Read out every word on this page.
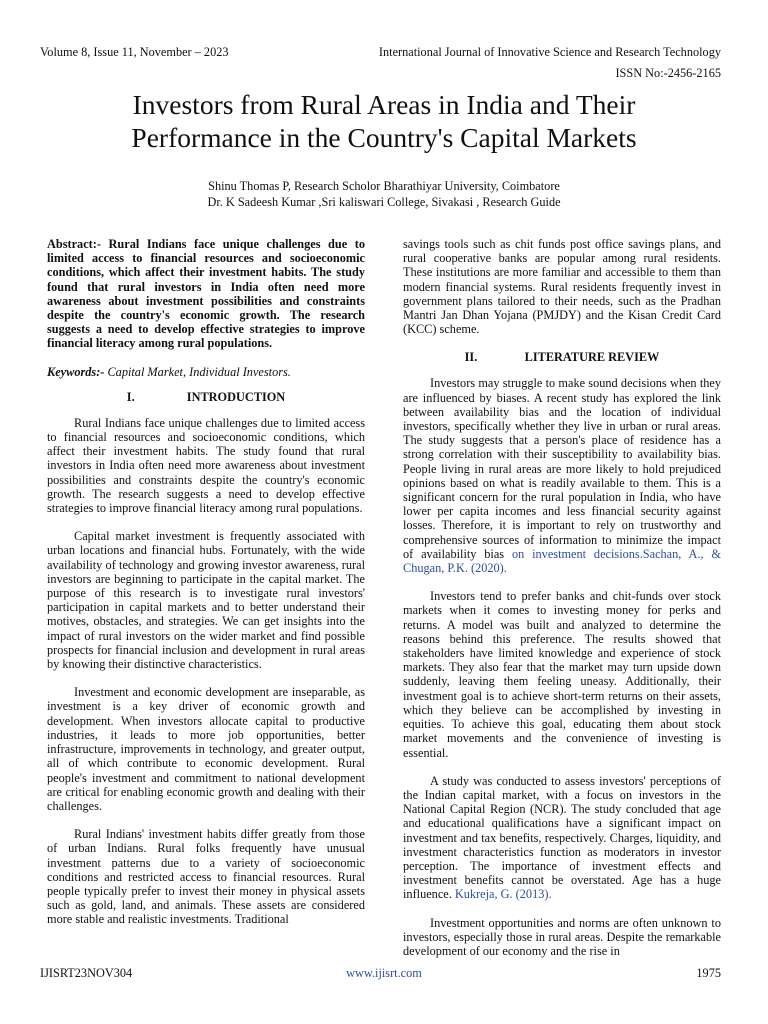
Volume 8, Issue 11, November – 2023	International Journal of Innovative Science and Research Technology
ISSN No:-2456-2165
Investors from Rural Areas in India and Their
Performance in the Country's Capital Markets
Shinu Thomas P, Research Scholor Bharathiyar University, Coimbatore
Dr. K Sadeesh Kumar ,Sri kaliswari College, Sivakasi , Research Guide

Abstract:- Rural Indians face unique challenges due to limited access to financial resources and socioeconomic conditions, which affect their investment habits. The study found that rural investors in India often need more awareness about investment possibilities and constraints despite the country's economic growth. The research suggests a need to develop effective strategies to improve financial literacy among rural populations.

Keywords:- Capital Market, Individual Investors.

I.	INTRODUCTION

Rural Indians face unique challenges due to limited access to financial resources and socioeconomic conditions, which affect their investment habits. The study found that rural investors in India often need more awareness about investment possibilities and constraints despite the country's economic growth. The research suggests a need to develop effective strategies to improve financial literacy among rural populations.

Capital market investment is frequently associated with urban locations and financial hubs. Fortunately, with the wide availability of technology and growing investor awareness, rural investors are beginning to participate in the capital market. The purpose of this research is to investigate rural investors' participation in capital markets and to better understand their motives, obstacles, and strategies. We can get insights into the impact of rural investors on the wider market and find possible prospects for financial inclusion and development in rural areas by knowing their distinctive characteristics.

Investment and economic development are inseparable, as investment is a key driver of economic growth and development. When investors allocate capital to productive industries, it leads to more job opportunities, better infrastructure, improvements in technology, and greater output, all of which contribute to economic development. Rural people's investment and commitment to national development are critical for enabling economic growth and dealing with their challenges.

Rural Indians' investment habits differ greatly from those of urban Indians. Rural folks frequently have unusual investment patterns due to a variety of socioeconomic conditions and restricted access to financial resources. Rural people typically prefer to invest their money in physical assets such as gold, land, and animals. These assets are considered more stable and realistic investments. Traditional

savings tools such as chit funds post office savings plans, and rural cooperative banks are popular among rural residents. These institutions are more familiar and accessible to them than modern financial systems. Rural residents frequently invest in government plans tailored to their needs, such as the Pradhan Mantri Jan Dhan Yojana (PMJDY) and the Kisan Credit Card (KCC) scheme.

II.	LITERATURE REVIEW

Investors may struggle to make sound decisions when they are influenced by biases. A recent study has explored the link between availability bias and the location of individual investors, specifically whether they live in urban or rural areas. The study suggests that a person's place of residence has a strong correlation with their susceptibility to availability bias. People living in rural areas are more likely to hold prejudiced opinions based on what is readily available to them. This is a significant concern for the rural population in India, who have lower per capita incomes and less financial security against losses. Therefore, it is important to rely on trustworthy and comprehensive sources of information to minimize the impact of availability bias on investment decisions.Sachan, A., & Chugan, P.K. (2020).

Investors tend to prefer banks and chit-funds over stock markets when it comes to investing money for perks and returns. A model was built and analyzed to determine the reasons behind this preference. The results showed that stakeholders have limited knowledge and experience of stock markets. They also fear that the market may turn upside down suddenly, leaving them feeling uneasy. Additionally, their investment goal is to achieve short-term returns on their assets, which they believe can be accomplished by investing in equities. To achieve this goal, educating them about stock market movements and the convenience of investing is essential.

A study was conducted to assess investors' perceptions of the Indian capital market, with a focus on investors in the National Capital Region (NCR). The study concluded that age and educational qualifications have a significant impact on investment and tax benefits, respectively. Charges, liquidity, and investment characteristics function as moderators in investor perception. The importance of investment effects and investment benefits cannot be overstated. Age has a huge influence. Kukreja, G. (2013).

Investment opportunities and norms are often unknown to investors, especially those in rural areas. Despite the remarkable development of our economy and the rise in

IJISRT23NOV304	www.ijisrt.com	1975
